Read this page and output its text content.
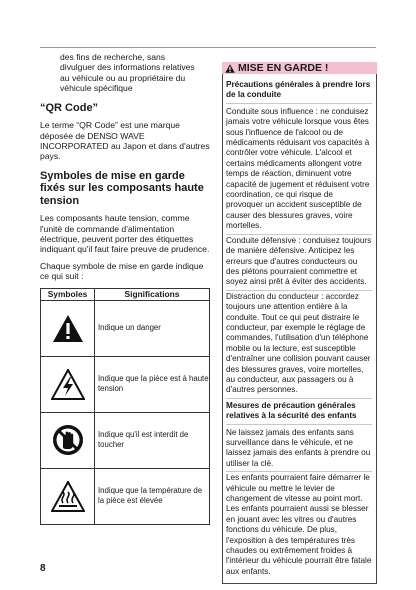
des fins de recherche, sans
divulguer des informations relatives
au véhicule ou au propriétaire du
véhicule spécifique
“QR Code”

Le terme “QR Code” est une marque déposée de DENSO WAVE INCORPORATED au Japon et dans d'autres pays.

Symboles de mise en garde fixés sur les composants haute tension

Les composants haute tension, comme l'unité de commande d'alimentation électrique, peuvent porter des étiquettes indiquant qu'il faut faire preuve de prudence.

Chaque symbole de mise en garde indique ce qui suit :

Symboles	Significations

	Indique un danger

	Indique que la pièce est à haute tension

	Indique qu'il est interdit de toucher

	Indique que la température de la pièce est élevée
MISE EN GARDE !
Précautions générales à prendre lors de la conduite
Conduite sous influence : ne conduisez jamais votre véhicule lorsque vous êtes sous l'influence de l'alcool ou de médicaments réduisant vos capacités à contrôler votre véhicule. L'alcool et certains médicaments allongent votre temps de réaction, diminuent votre capacité de jugement et réduisent votre coordination, ce qui risque de provoquer un accident susceptible de causer des blessures graves, voire mortelles.
Conduite défensive : conduisez toujours de manière défensive. Anticipez les erreurs que d'autres conducteurs ou des piétons pourraient commettre et soyez ainsi prêt à éviter des accidents.
Distraction du conducteur : accordez toujours une attention entière à la conduite. Tout ce qui peut distraire le conducteur, par exemple le réglage de commandes, l'utilisation d'un téléphone mobile ou la lecture, est susceptible d'entraîner une collision pouvant causer des blessures graves, voire mortelles, au conducteur, aux passagers ou à d'autres personnes.
Mesures de précaution générales relatives à la sécurité des enfants
Ne laissez jamais des enfants sans surveillance dans le véhicule, et ne laissez jamais des enfants à prendre ou utiliser la clé.
Les enfants pourraient faire démarrer le véhicule ou mettre le levier de changement de vitesse au point mort. Les enfants pourraient aussi se blesser en jouant avec les vitres ou d'autres fonctions du véhicule. De plus, l'exposition à des températures très chaudes ou extrêmement froides à l'intérieur du véhicule pourrait être fatale aux enfants.
8
